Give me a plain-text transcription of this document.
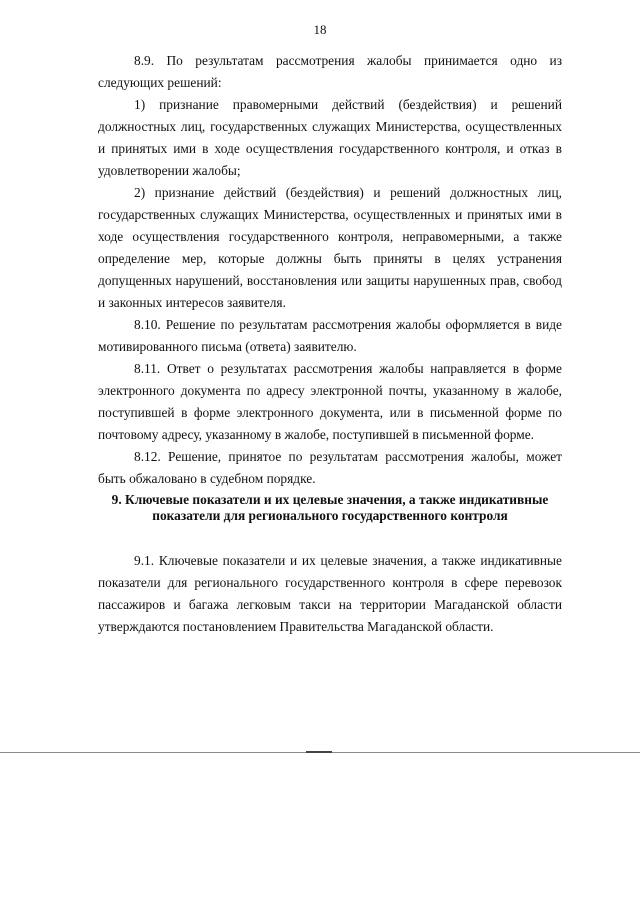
18

8.9. По результатам рассмотрения жалобы принимается одно из следующих решений:

1) признание правомерными действий (бездействия) и решений должностных лиц, государственных служащих Министерства, осуществленных и принятых ими в ходе осуществления государственного контроля, и отказ в удовлетворении жалобы;

2) признание действий (бездействия) и решений должностных лиц, государственных служащих Министерства, осуществленных и принятых ими в ходе осуществления государственного контроля, неправомерными, а также определение мер, которые должны быть приняты в целях устранения допущенных нарушений, восстановления или защиты нарушенных прав, свобод и законных интересов заявителя.

8.10. Решение по результатам рассмотрения жалобы оформляется в виде мотивированного письма (ответа) заявителю.

8.11. Ответ о результатах рассмотрения жалобы направляется в форме электронного документа по адресу электронной почты, указанному в жалобе, поступившей в форме электронного документа, или в письменной форме по почтовому адресу, указанному в жалобе, поступившей в письменной форме.

8.12. Решение, принятое по результатам рассмотрения жалобы, может быть обжаловано в судебном порядке.

9. Ключевые показатели и их целевые значения, а также индикативные показатели для регионального государственного контроля

9.1. Ключевые показатели и их целевые значения, а также индикативные показатели для регионального государственного контроля в сфере перевозок пассажиров и багажа легковым такси на территории Магаданской области утверждаются постановлением Правительства Магаданской области.
